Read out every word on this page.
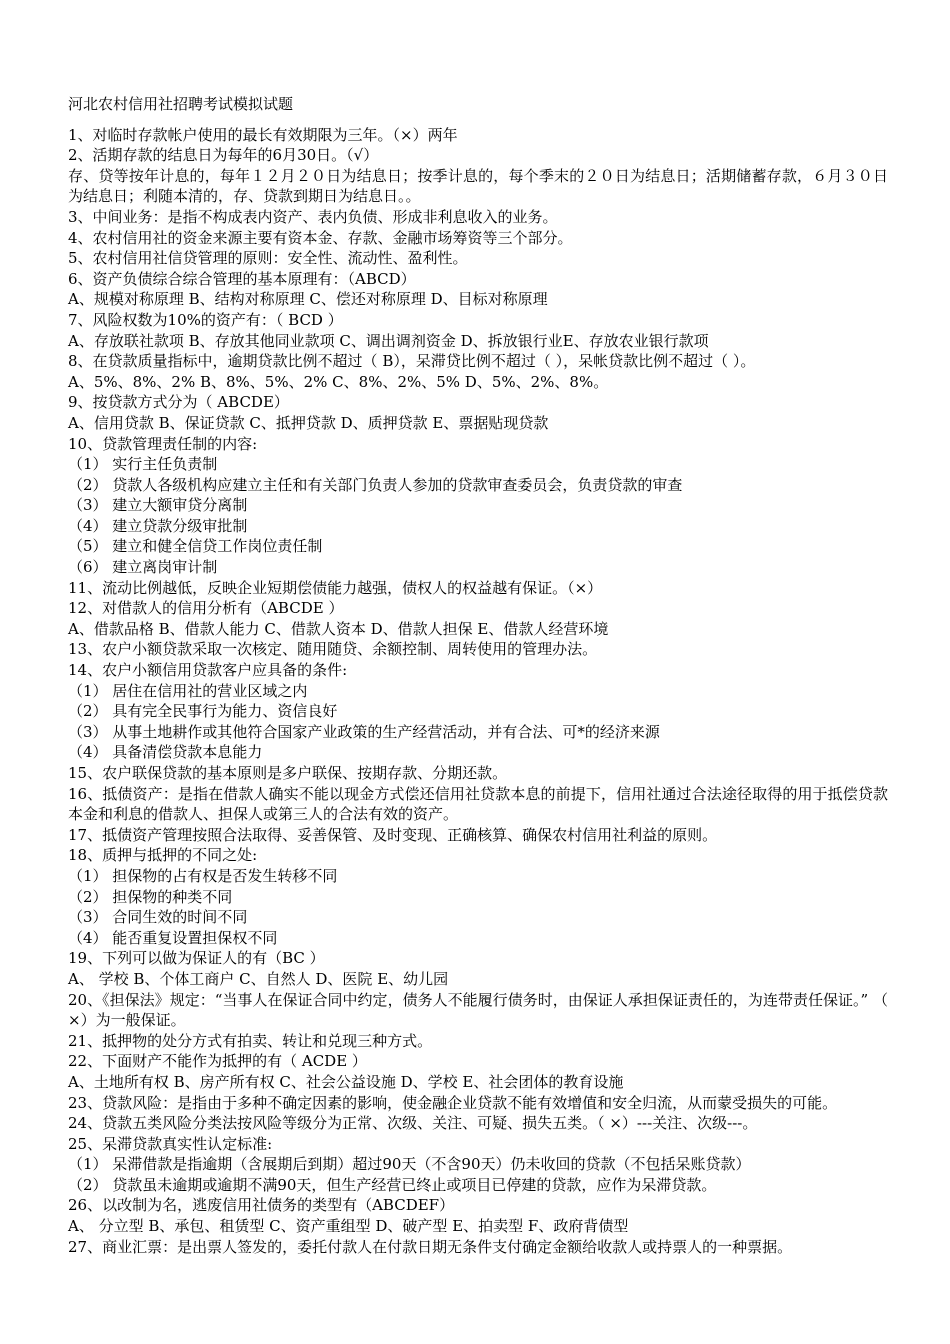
河北农村信用社招聘考试模拟试题

1、对临时存款帐户使用的最长有效期限为三年。（×）两年

2、活期存款的结息日为每年的6月30日。（√）

存、贷等按年计息的，每年１２月２０日为结息日；按季计息的，每个季末的２０日为结息日；活期储蓄存款，６月３０日为结息日；利随本清的，存、贷款到期日为结息日。。

3、中间业务：是指不构成表内资产、表内负债、形成非利息收入的业务。

4、农村信用社的资金来源主要有资本金、存款、金融市场筹资等三个部分。

5、农村信用社信贷管理的原则：安全性、流动性、盈利性。

6、资产负债综合综合管理的基本原理有：（ABCD）

A、规模对称原理 B、结构对称原理 C、偿还对称原理 D、目标对称原理

7、风险权数为10%的资产有：（ BCD ）

A、存放联社款项 B、存放其他同业款项 C、调出调剂资金 D、拆放银行业E、存放农业银行款项

8、在贷款质量指标中，逾期贷款比例不超过（ B），呆滞贷比例不超过（ ），呆帐贷款比例不超过（ ）。

A、5%、8%、2% B、8%、5%、2% C、8%、2%、5% D、5%、2%、8%。

9、按贷款方式分为（ ABCDE）

A、信用贷款 B、保证贷款 C、抵押贷款 D、质押贷款 E、票据贴现贷款

10、贷款管理责任制的内容:

（1） 实行主任负责制

（2） 贷款人各级机构应建立主任和有关部门负责人参加的贷款审查委员会，负责贷款的审查

（3） 建立大额审贷分离制

（4） 建立贷款分级审批制

（5） 建立和健全信贷工作岗位责任制

（6） 建立离岗审计制

11、流动比例越低，反映企业短期偿债能力越强，债权人的权益越有保证。（×）

12、对借款人的信用分析有（ABCDE ）

A、借款品格 B、借款人能力 C、借款人资本 D、借款人担保 E、借款人经营环境

13、农户小额贷款采取一次核定、随用随贷、余额控制、周转使用的管理办法。

14、农户小额信用贷款客户应具备的条件:

（1） 居住在信用社的营业区域之内

（2） 具有完全民事行为能力、资信良好

（3） 从事土地耕作或其他符合国家产业政策的生产经营活动，并有合法、可*的经济来源

（4） 具备清偿贷款本息能力

15、农户联保贷款的基本原则是多户联保、按期存款、分期还款。

16、抵债资产：是指在借款人确实不能以现金方式偿还信用社贷款本息的前提下，信用社通过合法途径取得的用于抵偿贷款本金和利息的借款人、担保人或第三人的合法有效的资产。

17、抵债资产管理按照合法取得、妥善保管、及时变现、正确核算、确保农村信用社利益的原则。

18、质押与抵押的不同之处:

（1） 担保物的占有权是否发生转移不同

（2） 担保物的种类不同

（3） 合同生效的时间不同

（4） 能否重复设置担保权不同

19、下列可以做为保证人的有（BC ）

A、 学校 B、个体工商户 C、自然人 D、医院 E、幼儿园

20、《担保法》规定：“当事人在保证合同中约定，债务人不能履行债务时，由保证人承担保证责任的，为连带责任保证。” （ ×）为一般保证。

21、抵押物的处分方式有拍卖、转让和兑现三种方式。

22、下面财产不能作为抵押的有（ ACDE ）

A、土地所有权 B、房产所有权 C、社会公益设施 D、学校 E、社会团体的教育设施

23、贷款风险：是指由于多种不确定因素的影响，使金融企业贷款不能有效增值和安全归流，从而蒙受损失的可能。

24、贷款五类风险分类法按风险等级分为正常、次级、关注、可疑、损失五类。（ ×）---关注、次级---。

25、呆滞贷款真实性认定标准:

（1） 呆滞借款是指逾期（含展期后到期）超过90天（不含90天）仍未收回的贷款（不包括呆账贷款）

（2） 贷款虽未逾期或逾期不满90天，但生产经营已终止或项目已停建的贷款，应作为呆滞贷款。

26、以改制为名，逃废信用社债务的类型有（ABCDEF）

A、 分立型 B、承包、租赁型 C、资产重组型 D、破产型 E、拍卖型 F、政府背债型

27、商业汇票：是出票人签发的，委托付款人在付款日期无条件支付确定金额给收款人或持票人的一种票据。
